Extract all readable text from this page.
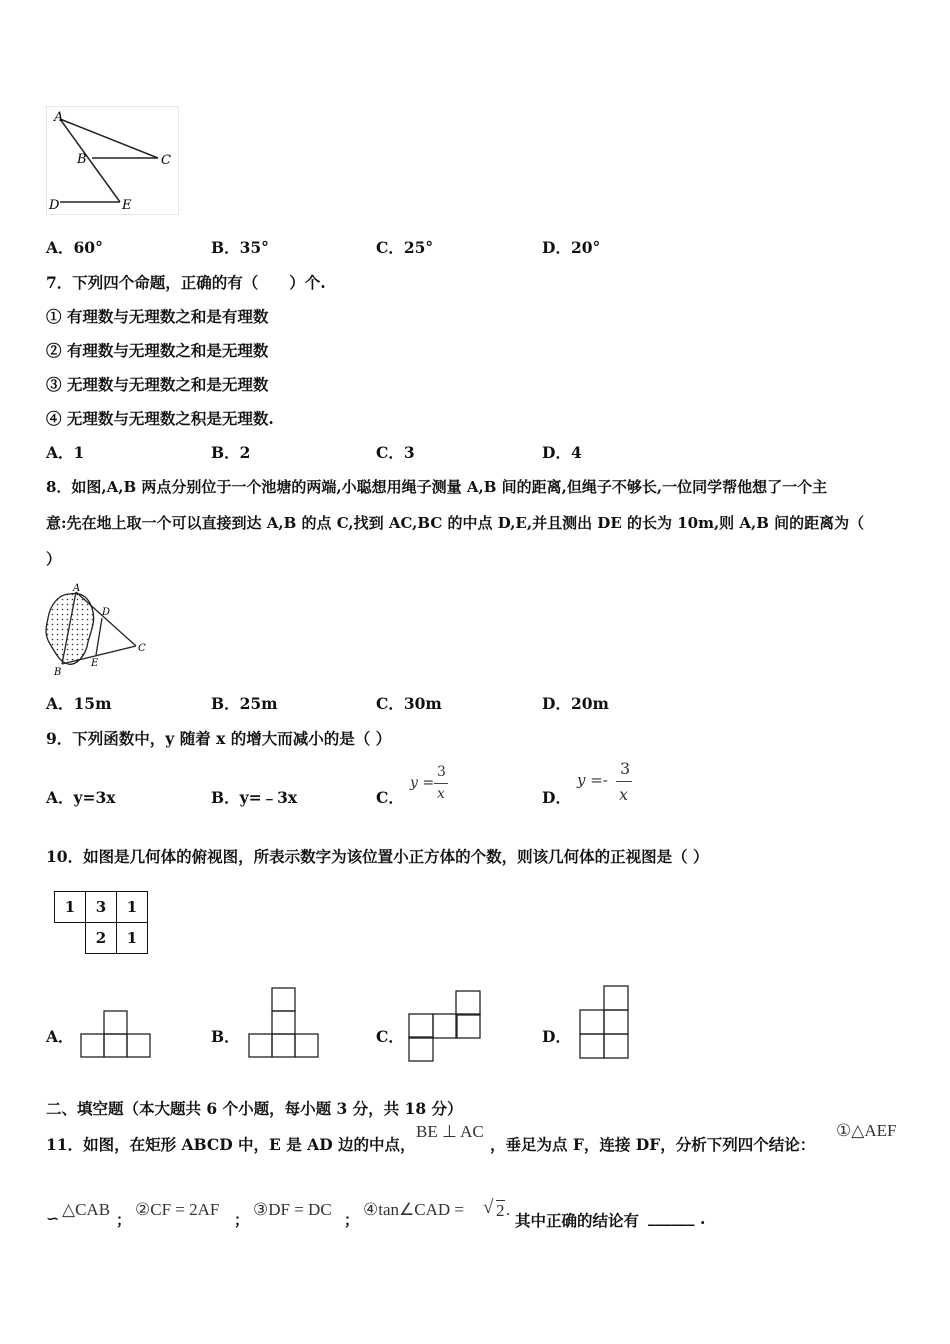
A
B	C
D	E
A．60°	B．35°	C．25°	D．20°
7．下列四个命题，正确的有（　　）个.
① 有理数与无理数之和是有理数
② 有理数与无理数之和是无理数
③ 无理数与无理数之和是无理数
④ 无理数与无理数之积是无理数.
A．1	B．2	C．3	D．4
8．如图,A,B 两点分别位于一个池塘的两端,小聪想用绳子测量 A,B 间的距离,但绳子不够长,一位同学帮他想了一个主
意:先在地上取一个可以直接到达 A,B 的点 C,找到 AC,BC 的中点 D,E,并且测出 DE 的长为 10m,则 A,B 间的距离为（
）
A
B
C
D
E
A．15m	B．25m	C．30m	D．20m
9．下列函数中，y 随着 x 的增大而减小的是（ ）
A．y=3x	B．y=﹣3x	C．
y =
3
x	D．
y =-
3
x
10．如图是几何体的俯视图，所表示数字为该位置小正方体的个数，则该几何体的正视图是（ ）
1	3	1
	2	1
A．	B．	C．	D．
二、填空题（本大题共 6 个小题，每小题 3 分，共 18 分）
11．如图，在矩形 ABCD 中，E 是 AD 边的中点，
BE ⊥ AC
，垂足为点 F，连接 DF，分析下列四个结论：
①△AEF
∽ △CAB
；
②CF = 2AF
；
③DF = DC
；
④tan∠CAD = √ 2 .
其中正确的结论有 ______ .
